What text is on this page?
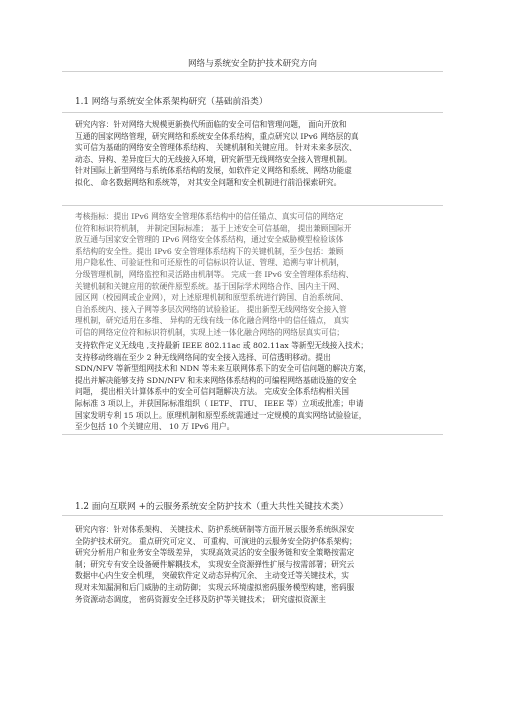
网络与系统安全防护技术研究方向
1.1 网络与系统安全体系架构研究（基础前沿类）
研究内容：针对网络大规模更新换代所面临的安全可信和管理问题， 面向开放和
互通的国家网络管理，研究网络和系统安全体系结构，重点研究以 IPv6 网络层的真
实可信为基础的网络安全管理体系结构、 关键机制和关键应用。 针对未来多层次、
动态、异构、差异度巨大的无线接入环境，研究新型无线网络安全接入管理机制。
针对国际上新型网络与系统体系结构的发展，如软件定义网络和系统、网络功能虚
拟化、 命名数据网络和系统等， 对其安全问题和安全机制进行前沿探索研究。
考核指标：提出 IPv6 网络安全管理体系结构中的信任锚点、真实可信的网络定
位符和标识符机制， 并制定国际标准； 基于上述安全可信基础， 提出兼顾国际开
放互通与国家安全管理的 IPv6 网络安全体系结构，通过安全威胁模型检验该体
系结构的安全性。提出 IPv6 安全管理体系结构下的关键机制，至少包括：兼顾
用户隐私性、可验证性和可还原性的可信标识符认证、管理、追溯与审计机制，
分级管理机制，网络监控和灵活路由机制等。 完成一套 IPv6 安全管理体系结构、
关键机制和关键应用的软硬件原型系统。基于国际学术网络合作、国内主干网、
园区网（校园网或企业网），对上述原理机制和原型系统进行跨国、自治系统间、
自治系统内、接入子网等多层次网络的试验验证。 提出新型无线网络安全接入管
理机制，研究适用在多维、 异构的无线有线一体化融合网络中的信任锚点， 真实
可信的网络定位符和标识符机制，实现上述一体化融合网络的网络层真实可信；
支持软件定义无线电 ,支持最新 IEEE 802.11ac 或 802.11ax 等新型无线接入技术；
支持移动终端在至少 2 种无线网络间的安全接入选择、可信透明移动。提出
SDN/NFV 等新型组网技术和 NDN 等未来互联网体系下的安全可信问题的解决方案，
提出并解决能够支持 SDN/NFV 和未来网络体系结构的可编程网络基础设施的安全
问题， 提出相关计算体系中的安全可信问题解决方法。 完成安全体系结构相关国
际标准 3 项以上，并获国际标准组织（ IETF、 ITU、 IEEE 等）立项或批准；申请
国家发明专利 15 项以上。原理机制和原型系统需通过一定规模的真实网络试验验证，
至少包括 10 个关键应用、 10 万 IPv6 用户。
1.2 面向互联网 +的云服务系统安全防护技术（重大共性关键技术类）
研究内容：针对体系架构、 关键技术、防护系统研制等方面开展云服务系统纵深安
全防护技术研究。 重点研究可定义、 可重构、可演进的云服务安全防护体系架构；
研究分析用户和业务安全等级差异， 实现高效灵活的安全服务链和安全策略按需定
制；研究专有安全设备硬件解耦技术， 实现安全资源弹性扩展与按需部署；研究云
数据中心内生安全机理， 突破软件定义动态异构冗余、 主动变迁等关键技术，实
现对未知漏洞和后门威胁的主动防御； 实现云环境虚拟密码服务模型构建，密码服
务资源动态调度， 密码资源安全迁移及防护等关键技术； 研究虚拟资源主
